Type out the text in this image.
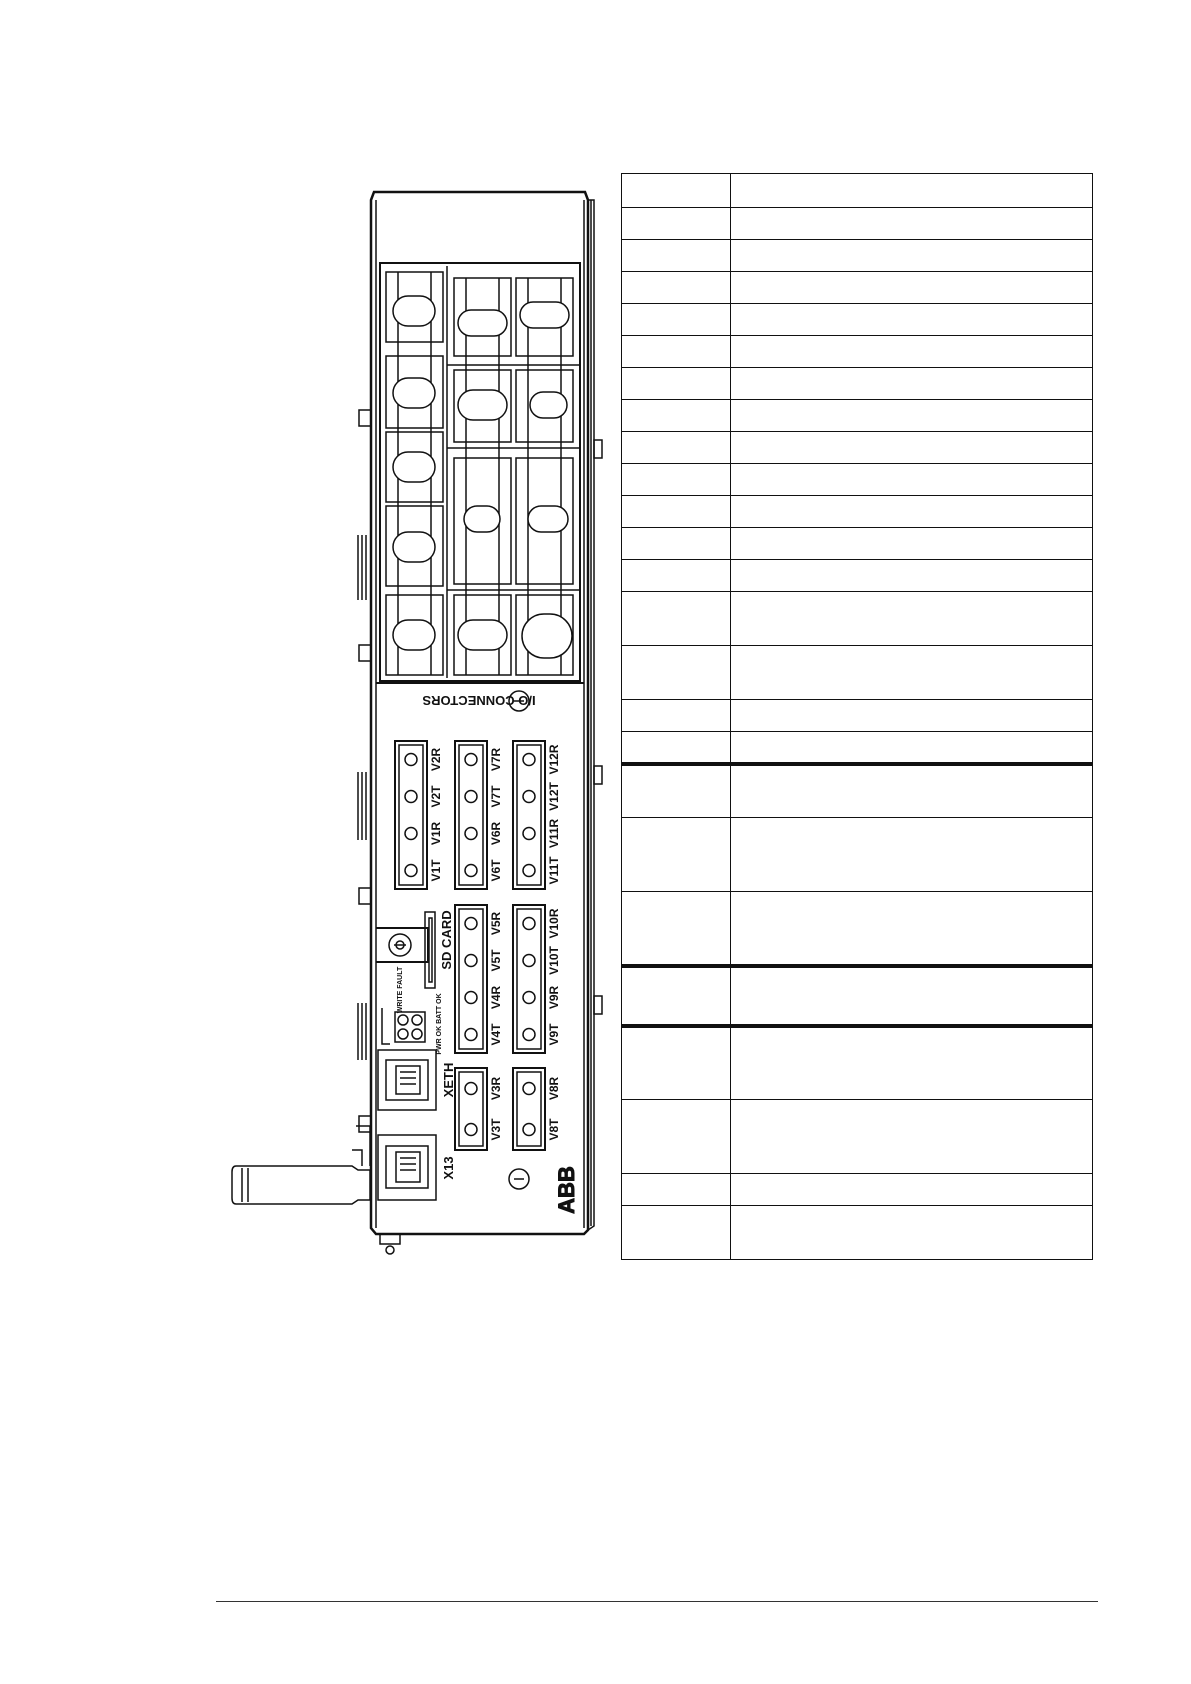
I/O CONNECTORS
V1T
V1R
V2T
V2R
V6T
V6R
V7T
V7R
V11T
V11R
V12T
V12R
V4T
V4R
V5T
V5R
V9T
V9R
V10T
V10R
V3T
V3R
V8T
V8R
SD CARD
WRITE FAULT
PWR OK BATT OK
XETH
X13	ABB
